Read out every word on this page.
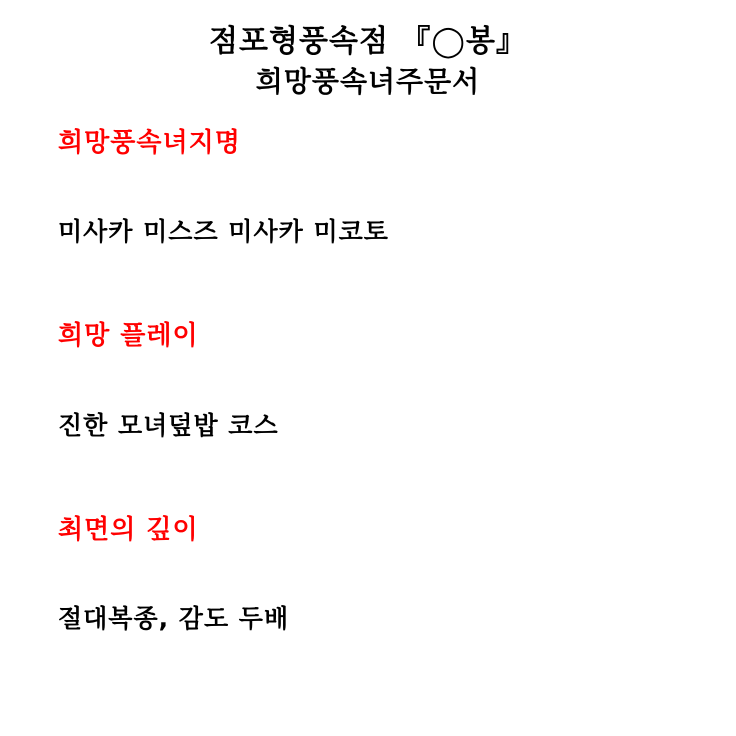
점포형풍속점 『◯봉』
희망풍속녀주문서
희망풍속녀지명
미사카 미스즈 미사카 미코토
희망 플레이
진한 모녀덮밥 코스
최면의 깊이
절대복종, 감도 두배
